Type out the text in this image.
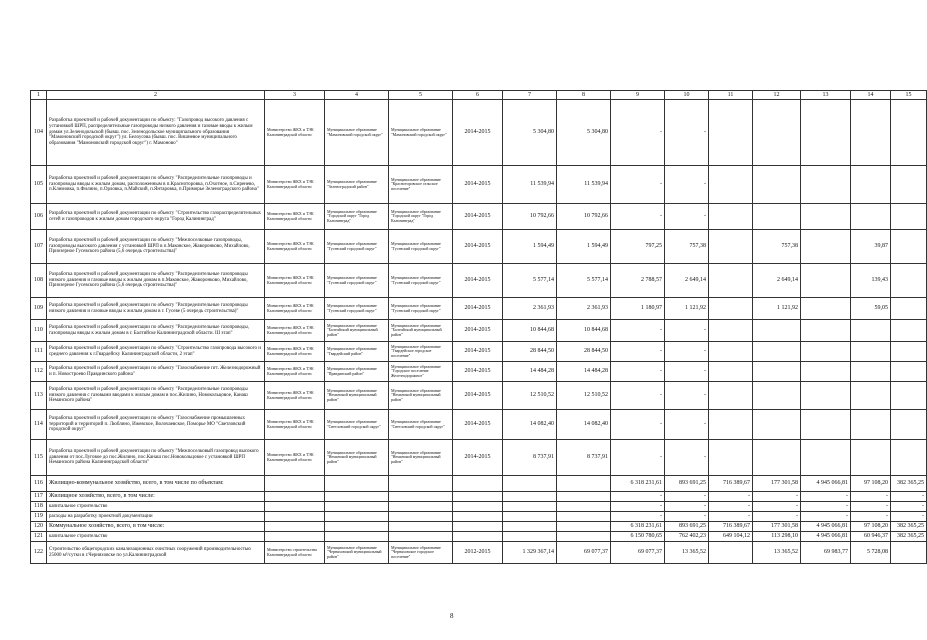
1	2	3	4	5	6	7	8	9	10	11	12	13	14	15
104	Разработка проектной и рабочей документации по объекту: "Газопровод высокого давления с установкой ШРП, распределительные газопроводы низкого давления и газовые вводы к жилым домам ул.Зеленодольской (бывш. пос. Зеленодольское муниципального образования "Мамоновский городской округ") ул. Белоусова (бывш. пос. Вишневое муниципального образования "Мамоновский городской округ") г. Мамоново"	Министерство ЖКХ и ТЭК Калининградской области	Муниципальное образование "Мамоновский городской округ"	Муниципальное образование "Мамоновский городской округ"	2014-2015	5 304,80	5 304,80	-	-					
105	Разработка проектной и рабочей документации по объекту "Распределительные газопроводы и газопроводы вводы к жилым домам, расположенным в п.Красноторовка, п.Охотное, п.Сиренево, п.Климовка, п.Филино, п.Орловка, п.Майский, п.Янтаровка, п.Приморье Зеленоградского района"	Министерство ЖКХ и ТЭК Калининградской области	Муниципальное образование "Зеленоградский район"	Муниципальное образование "Красноторовское сельское поселение"	2014-2015	11 539,94	11 539,94	-	-					
106	Разработка проектной и рабочей документации по объекту "Строительство газораспределительных сетей и газопроводов к жилым домам городского округа "Город Калининград"	Министерство ЖКХ и ТЭК Калининградской области	Муниципальное образование "Городской округ "Город Калининград"	Муниципальное образование "Городской округ "Город Калининград"	2014-2015	10 792,66	10 792,66	-	-					
107	Разработка проектной и рабочей документации по объекту "Межпоселковые газопроводы, газопроводы высокого давления с установкой ШРП в п.Маковское, Жаворонково, Михайлово, Приозерное Гусевского района (5,6 очередь строительства)"	Министерство ЖКХ и ТЭК Калининградской области	Муниципальное образование "Гусевский городской округ"	Муниципальное образование "Гусевский городской округ"	2014-2015	1 594,49	1 594,49	797,25	757,38		757,38		39,87	
108	Разработка проектной и рабочей документации по объекту "Распределительные газопроводы низкого давления и газовые вводы к жилым домам в п.Маковское, Жаворонково, Михайлово, Приозерное Гусевского района (5,6 очередь строительства)"	Министерство ЖКХ и ТЭК Калининградской области	Муниципальное образование "Гусевский городской округ"	Муниципальное образование "Гусевский городской округ"	2014-2015	5 577,14	5 577,14	2 788,57	2 649,14		2 649,14		139,43	
109	Разработка проектной и рабочей документации по объекту "Распределительные газопроводы низкого давления и газовые вводы к жилым домам в г. Гусеве (5 очередь строительства)"	Министерство ЖКХ и ТЭК Калининградской области	Муниципальное образование "Гусевский городской округ"	Муниципальное образование "Гусевский городской округ"	2014-2015	2 361,93	2 361,93	1 180,97	1 121,92		1 121,92		59,05	
110	Разработка проектной и рабочей документации по объекту "Распределительные газопроводы, газопроводы вводы к жилым домам в г. Балтийске Калининградской области. III этап"	Министерство ЖКХ и ТЭК Калининградской области	Муниципальное образование "Балтийский муниципальный район"	Муниципальное образование "Балтийский муниципальный район"	2014-2015	10 844,68	10 844,68	-	-					
111	Разработка проектной и рабочей документации по объекту "Строительство газопровода высокого и среднего давления к г.Гвардейску Калининградской области, 2 этап"	Министерство ЖКХ и ТЭК Калининградской области	Муниципальное образование "Гвардейский район"	Муниципальное образование "Гвардейское городское поселение"	2014-2015	28 844,50	28 844,50	-	-					
112	Разработка проектной и рабочей документации по объекту "Газоснабжение пгт. Железнодорожный и п. Новостроево Правдинского района"	Министерство ЖКХ и ТЭК Калининградской области	Муниципальное образование "Правдинский район"	Муниципальное образование "Городское поселение Железнодорожное"	2014-2015	14 484,28	14 484,28	-	-					
113	Разработка проектной и рабочей документации по объекту "Распределительные газопроводы низкого давления с газовыми вводами к жилым домам в пос.Жилино, Новокольцовое, Канаш Неманского района"	Министерство ЖКХ и ТЭК Калининградской области	Муниципальное образование "Неманский муниципальный район"	Муниципальное образование "Неманский муниципальный район"	2014-2015	12 510,52	12 510,52	-	-					
114	Разработка проектной и рабочей документации по объекту "Газоснабжение промышленных территорий и территорий п. Люблино, Ижевское, Волочаевское, Поморье МО "Светловский городской округ"	Министерство ЖКХ и ТЭК Калининградской области	Муниципальное образование "Светловский городской округ"	Муниципальное образование "Светловский городской округ"	2014-2015	14 082,40	14 082,40	-	-					
115	Разработка проектной и рабочей документации по объекту "Межпоселковый газопровод высокого давления от пос.Луговое до пос.Жилино, пос.Канаш пос.Новокольцовое с установкой ШРП Неманского района Калининградской области"	Министерство ЖКХ и ТЭК Калининградской области	Муниципальное образование "Неманский муниципальный район"	Муниципальное образование "Неманский муниципальный район"	2014-2015	8 737,91	8 737,91	-	-					
116	Жилищно-коммунальное хозяйство, всего, в том числе по объектам:							6 318 231,61	893 691,25	716 389,67	177 301,58	4 945 066,81	97 108,20	382 365,25
117	Жилищное хозяйство, всего, в том числе:							-	-	-	-	-	-	-
118	капитальное строительство							-	-	-	-	-	-	-
119	расходы на разработку проектной документации							-	-	-	-	-	-	-
120	Коммунальное хозяйство, всего, в том числе:							6 318 231,61	893 691,25	716 389,67	177 301,58	4 945 066,81	97 108,20	382 365,25
121	капитальное строительство							6 150 780,65	762 402,23	649 104,12	113 298,10	4 945 066,81	60 946,37	382 365,25
122	Строительство общегородских канализационных очистных сооружений производительностью 25000 м³/сутки в г.Черняховске по ул.Калининградской	Министерство строительства Калининградской области	Муниципальное образование "Черняховский муниципальный район"	Муниципальное образование "Черняховское городское поселение"	2012-2015	1 329 367,14	69 077,37	69 077,37	13 365,52		13 365,52	69 983,77	5 728,08	
8
